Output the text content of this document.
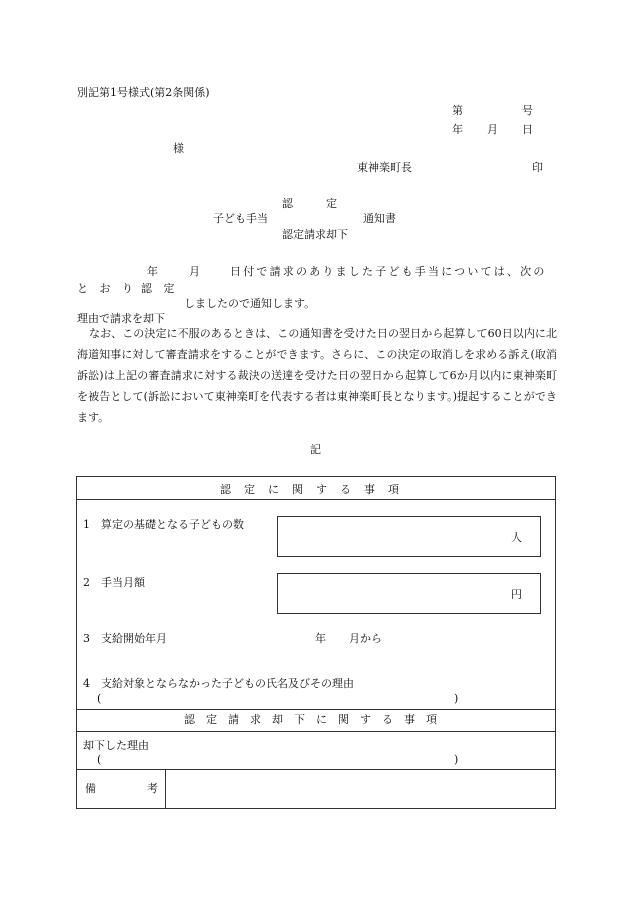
別記第1号様式(第2条関係)
第	号
年 月 日
様
東神楽町長	印
認　　　定
子ども手当	通知書
認定請求却下
年	月	日付で請求のありました子ども手当については、次の
と お り 認 定
しましたので通知します。
理由で請求を却下
なお、この決定に不服のあるときは、この通知書を受けた日の翌日から起算して60日以内に北海道知事に対して審査請求をすることができます。さらに、この決定の取消しを求める訴え(取消訴訟)は上記の審査請求に対する裁決の送達を受けた日の翌日から起算して6か月以内に東神楽町を被告として(訴訟において東神楽町を代表する者は東神楽町長となります。)提起することができます。
記
認定に関する事項
1　算定の基礎となる子どもの数
人
2　手当月額
円
3　支給開始年月	年 月から
4　支給対象とならなかった子どもの氏名及びその理由
(	)
認定請求却下に関する事項
却下した理由
(	)
備	考
